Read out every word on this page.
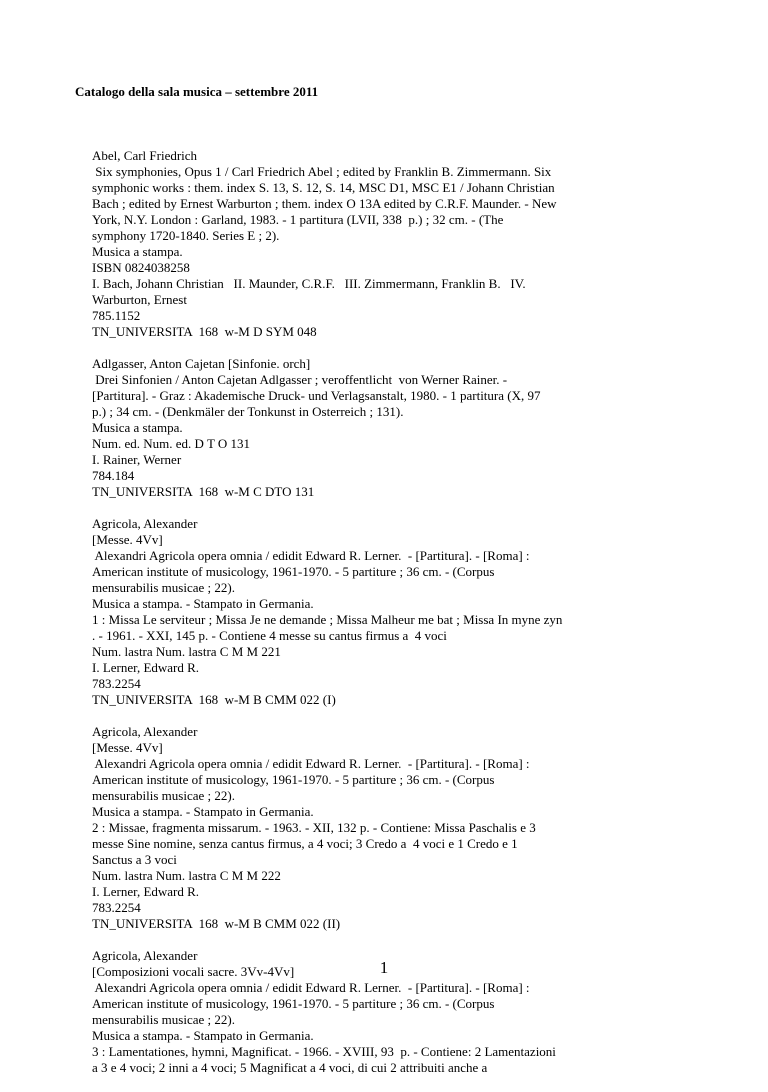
Catalogo della sala musica – settembre 2011
Abel, Carl Friedrich
Six symphonies, Opus 1 / Carl Friedrich Abel ; edited by Franklin B. Zimmermann. Six
symphonic works : them. index S. 13, S. 12, S. 14, MSC D1, MSC E1 / Johann Christian
Bach ; edited by Ernest Warburton ; them. index O 13A edited by C.R.F. Maunder. - New
York, N.Y. London : Garland, 1983. - 1 partitura (LVII, 338  p.) ; 32 cm. - (The
symphony 1720-1840. Series E ; 2).
Musica a stampa.
ISBN 0824038258
I. Bach, Johann Christian   II. Maunder, C.R.F.   III. Zimmermann, Franklin B.   IV.
Warburton, Ernest
785.1152
TN_UNIVERSITA  168  w-M D SYM 048
Adlgasser, Anton Cajetan [Sinfonie. orch]
Drei Sinfonien / Anton Cajetan Adlgasser ; veroffentlicht  von Werner Rainer. -
[Partitura]. - Graz : Akademische Druck- und Verlagsanstalt, 1980. - 1 partitura (X, 97
p.) ; 34 cm. - (Denkmäler der Tonkunst in Osterreich ; 131).
Musica a stampa.
Num. ed. Num. ed. D T O 131
I. Rainer, Werner
784.184
TN_UNIVERSITA  168  w-M C DTO 131
Agricola, Alexander
[Messe. 4Vv]
Alexandri Agricola opera omnia / edidit Edward R. Lerner.  - [Partitura]. - [Roma] :
American institute of musicology, 1961-1970. - 5 partiture ; 36 cm. - (Corpus
mensurabilis musicae ; 22).
Musica a stampa. - Stampato in Germania.
1 : Missa Le serviteur ; Missa Je ne demande ; Missa Malheur me bat ; Missa In myne zyn
. - 1961. - XXI, 145 p. - Contiene 4 messe su cantus firmus a  4 voci
Num. lastra Num. lastra C M M 221
I. Lerner, Edward R.
783.2254
TN_UNIVERSITA  168  w-M B CMM 022 (I)
Agricola, Alexander
[Messe. 4Vv]
Alexandri Agricola opera omnia / edidit Edward R. Lerner.  - [Partitura]. - [Roma] :
American institute of musicology, 1961-1970. - 5 partiture ; 36 cm. - (Corpus
mensurabilis musicae ; 22).
Musica a stampa. - Stampato in Germania.
2 : Missae, fragmenta missarum. - 1963. - XII, 132 p. - Contiene: Missa Paschalis e 3
messe Sine nomine, senza cantus firmus, a 4 voci; 3 Credo a  4 voci e 1 Credo e 1
Sanctus a 3 voci
Num. lastra Num. lastra C M M 222
I. Lerner, Edward R.
783.2254
TN_UNIVERSITA  168  w-M B CMM 022 (II)
Agricola, Alexander
[Composizioni vocali sacre. 3Vv-4Vv]
Alexandri Agricola opera omnia / edidit Edward R. Lerner.  - [Partitura]. - [Roma] :
American institute of musicology, 1961-1970. - 5 partiture ; 36 cm. - (Corpus
mensurabilis musicae ; 22).
Musica a stampa. - Stampato in Germania.
3 : Lamentationes, hymni, Magnificat. - 1966. - XVIII, 93  p. - Contiene: 2 Lamentazioni
a 3 e 4 voci; 2 inni a 4 voci; 5 Magnificat a 4 voci, di cui 2 attribuiti anche a
1
